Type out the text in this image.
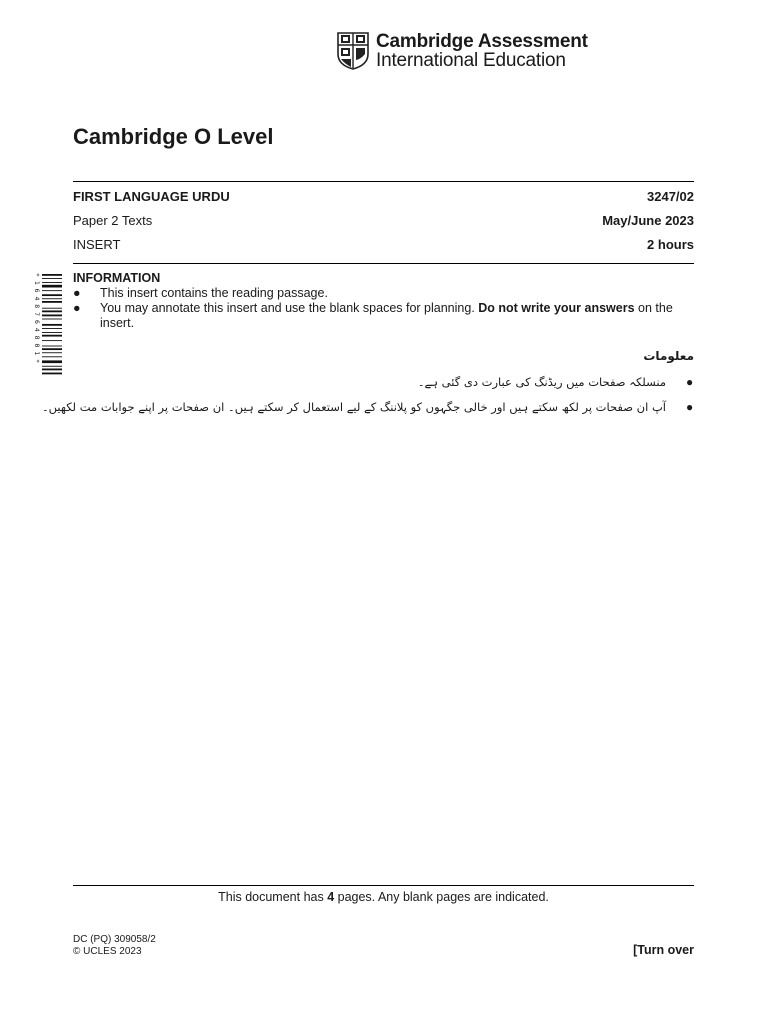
Cambridge Assessment
International Education
Cambridge O Level
FIRST LANGUAGE URDU	3247/02
Paper 2 Texts	May/June 2023
INSERT	2 hours
* 1 6 4 8 7 6 4 8 0 1 *	INFORMATION
● This insert contains the reading passage.
● You may annotate this insert and use the blank spaces for planning. Do not write your answers on the insert.
معلومات
●
منسلکہ صفحات میں ریڈنگ کی عبارت دی گئی ہے۔
●
آپ ان صفحات پر لکھ سکتے ہیں اور خالی جگہوں کو پلاننگ کے لیے استعمال کر سکتے ہیں۔ ان صفحات پر اپنے جوابات مت لکھیں۔
This document has 4 pages. Any blank pages are indicated.
DC (PQ) 309058/2
© UCLES 2023	[Turn over
